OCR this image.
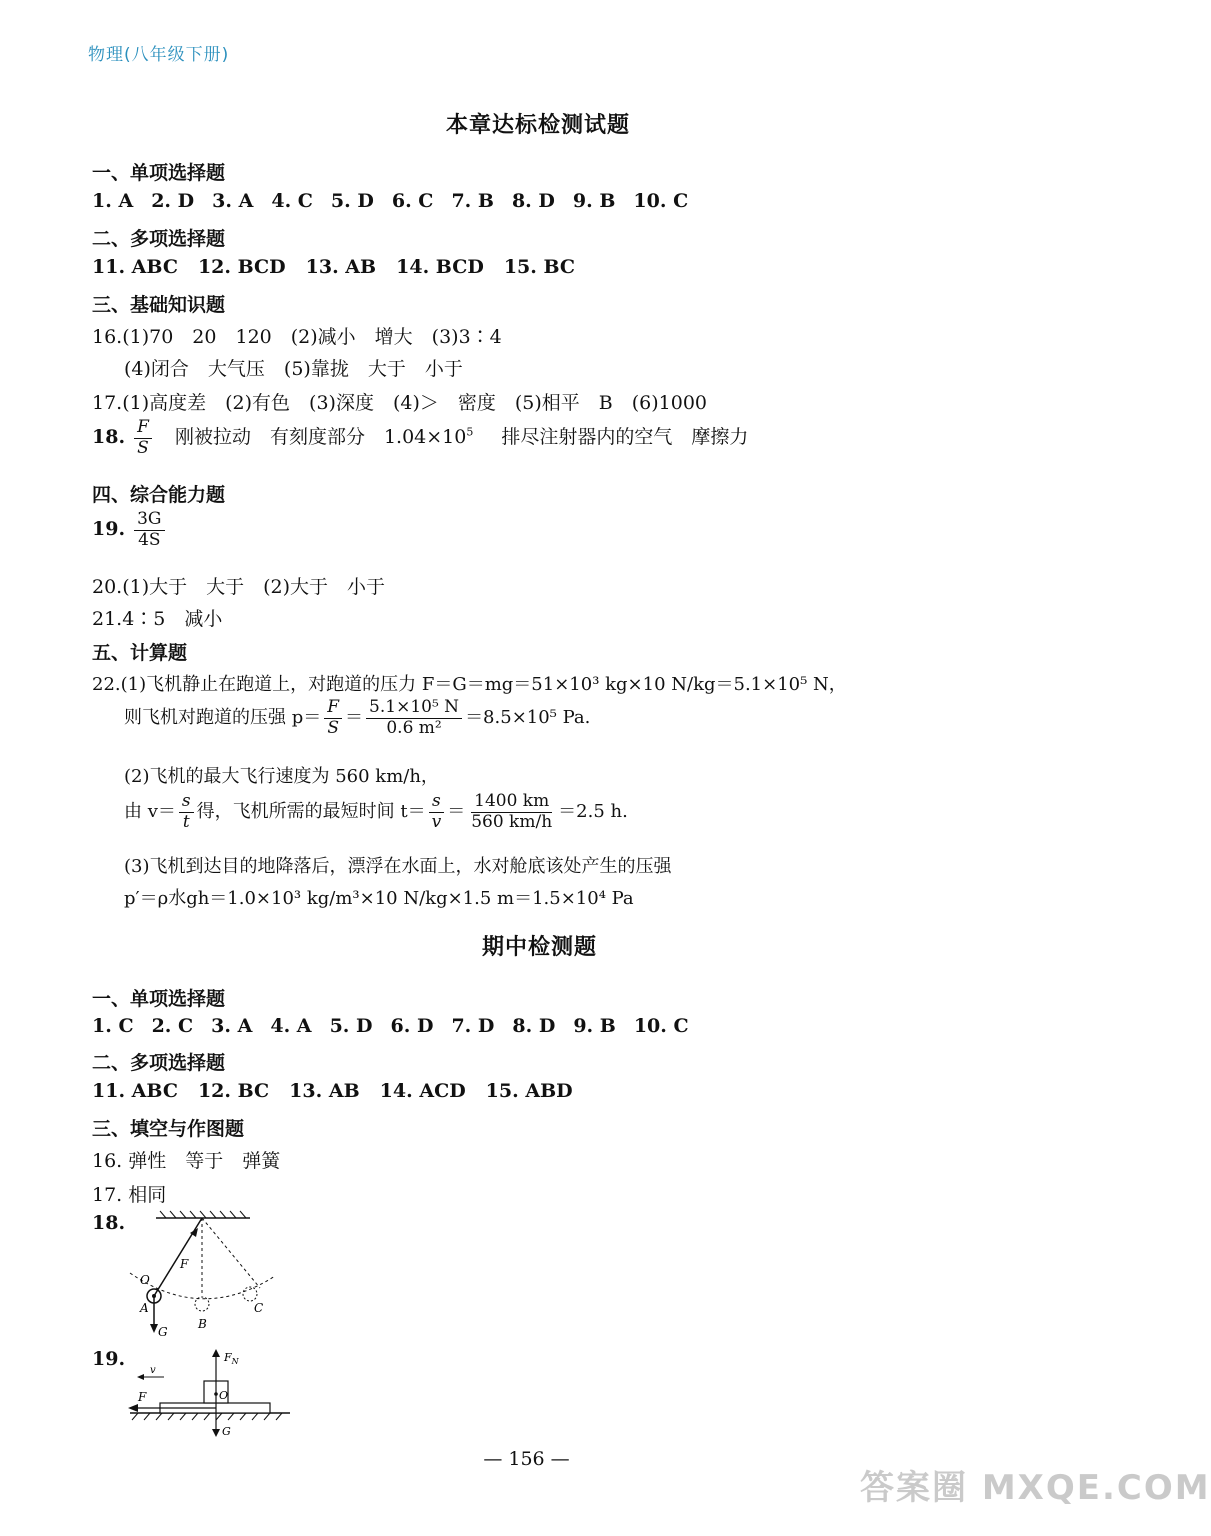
物理(八年级下册)
本章达标检测试题
一、单项选择题
1. A 2. D 3. A 4. C 5. D 6. C 7. B 8. D 9. B 10. C
二、多项选择题
11. ABC 12. BCD 13. AB 14. BCD 15. BC
三、基础知识题
16.(1)70　20　120　(2)减小　增大　(3)3∶4
(4)闭合　大气压　(5)靠拢　大于　小于
17.(1)高度差　(2)有色　(3)深度　(4)＞　密度　(5)相平　B　(6)1000
18. $\frac{F}{S}$ 刚被拉动　有刻度部分　$1.04\times 10^5$ 排尽注射器内的空气　摩擦力
四、综合能力题
19. $\frac{3G}{4S}$
20.(1)大于　大于　(2)大于　小于
21.4∶5　减小
五、计算题
22.(1)飞机静止在跑道上，对跑道的压力 F＝G＝mg＝51×10³ kg×10 N/kg＝5.1×10⁵ N，
则飞机对跑道的压强 $p= \frac{F}{S} = \frac{\text{5.1×10⁵ N}}{\text{0.6 m²}} =8.5\times 10^5$ Pa.
(2)飞机的最大飞行速度为 560 km/h，
由 $v= \frac{s}{t}$ 得，飞机所需的最短时间 $t= \frac{s}{v} = \frac{1400 km}{560 km/h} =2.5$ h.
(3)飞机到达目的地降落后，漂浮在水面上，水对舱底该处产生的压强
p′＝ρ水gh＝1.0×10³ kg/m³×10 N/kg×1.5 m＝1.5×10⁴ Pa
期中检测题
一、单项选择题
1. C 2. C 3. A 4. A 5. D 6. D 7. D 8. D 9. B 10. C
二、多项选择题
11. ABC 12. BC 13. AB 14. ACD 15. ABD
三、填空与作图题
16. 弹性　等于　弹簧
17. 相同
18.
O
F
A
B
C
G
19.	$F_N$
v
F	O
G
— 156 —
答案圈 MXQE.COM
